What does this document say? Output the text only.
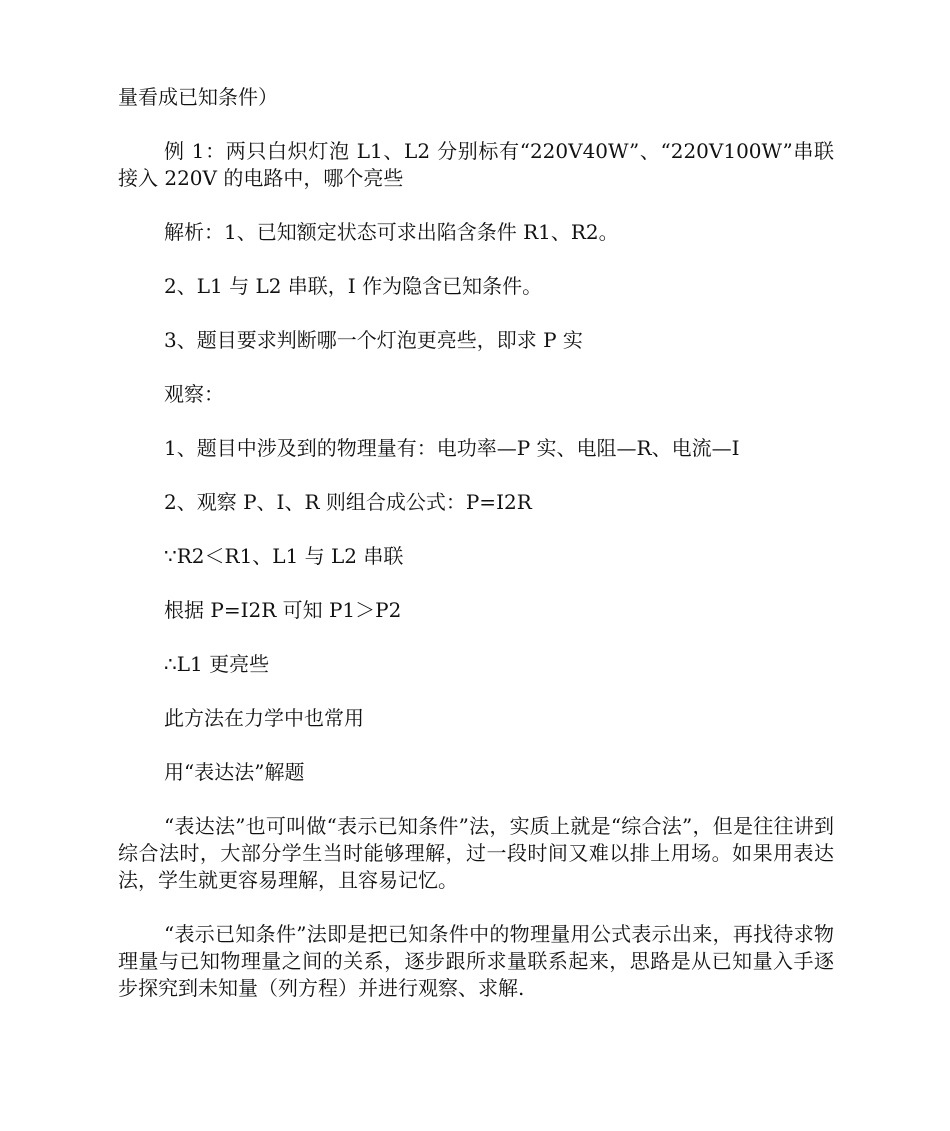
量看成已知条件）

例 1：两只白炽灯泡 L1、L2 分别标有“220V40W”、“220V100W”串联接入 220V 的电路中，哪个亮些

解析：1、已知额定状态可求出陷含条件 R1、R2。

2、L1 与 L2 串联，I 作为隐含已知条件。

3、题目要求判断哪一个灯泡更亮些，即求 P 实

观察：

1、题目中涉及到的物理量有：电功率—P 实、电阻—R、电流—I

2、观察 P、I、R 则组合成公式：P=I2R

∵R2＜R1、L1 与 L2 串联

根据 P=I2R 可知 P1＞P2

∴L1 更亮些

此方法在力学中也常用

用“表达法”解题

“表达法”也可叫做“表示已知条件”法，实质上就是“综合法”，但是往往讲到综合法时，大部分学生当时能够理解，过一段时间又难以排上用场。如果用表达法，学生就更容易理解，且容易记忆。

“表示已知条件”法即是把已知条件中的物理量用公式表示出来，再找待求物理量与已知物理量之间的关系，逐步跟所求量联系起来，思路是从已知量入手逐步探究到未知量（列方程）并进行观察、求解.
